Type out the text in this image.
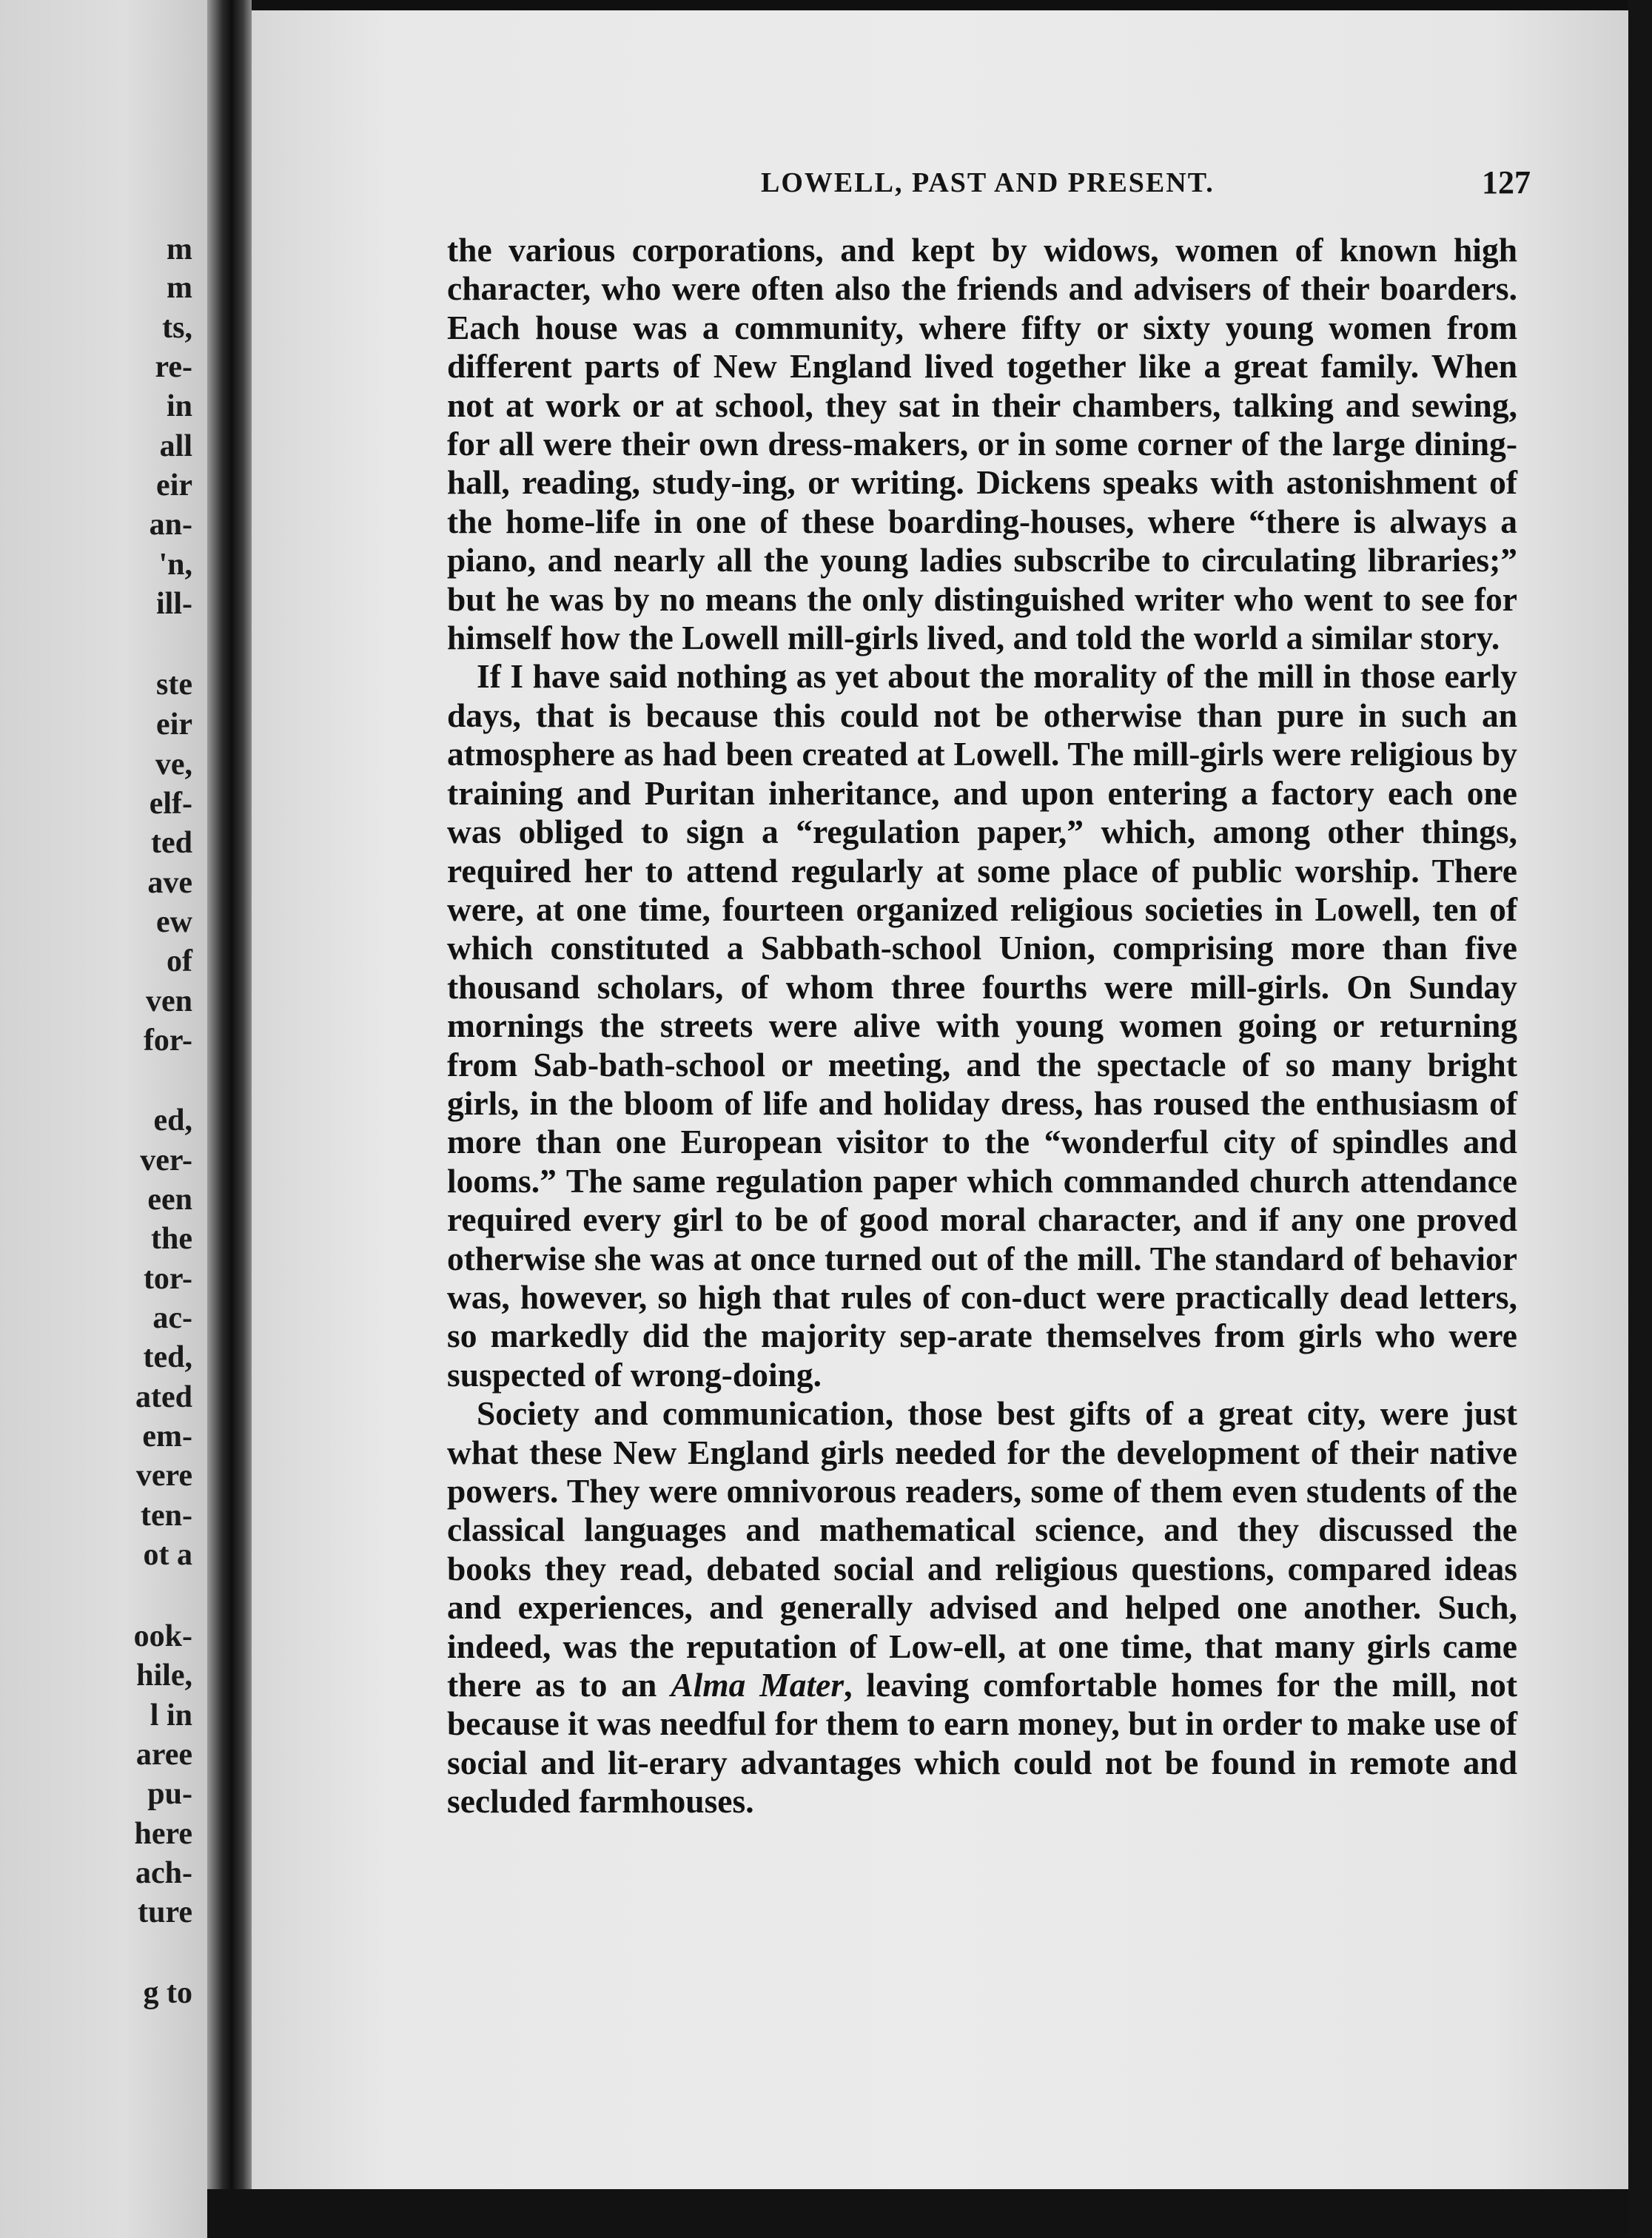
m
m
ts,
re-
in
all
eir
an-
'n,
ill-
ste
eir
ve,
elf-
ted
ave
ew
of
ven
for-
ed,
ver-
een
the
tor-
ac-
ted,
ated
em-
vere
ten-
ot a
ook-
hile,
l in
aree
pu-
here
ach-
ture
g to
LOWELL, PAST AND PRESENT.	127

the various corporations, and kept by widows, women of known high character, who were often also the friends and advisers of their boarders. Each house was a community, where fifty or sixty young women from different parts of New England lived together like a great family. When not at work or at school, they sat in their chambers, talking and sewing, for all were their own dress-makers, or in some corner of the large dining-hall, reading, study-ing, or writing. Dickens speaks with astonishment of the home-life in one of these boarding-houses, where “there is always a piano, and nearly all the young ladies subscribe to circulating libraries;” but he was by no means the only distinguished writer who went to see for himself how the Lowell mill-girls lived, and told the world a similar story.

If I have said nothing as yet about the morality of the mill in those early days, that is because this could not be otherwise than pure in such an atmosphere as had been created at Lowell. The mill-girls were religious by training and Puritan inheritance, and upon entering a factory each one was obliged to sign a “regulation paper,” which, among other things, required her to attend regularly at some place of public worship. There were, at one time, fourteen organized religious societies in Lowell, ten of which constituted a Sabbath-school Union, comprising more than five thousand scholars, of whom three fourths were mill-girls. On Sunday mornings the streets were alive with young women going or returning from Sab-bath-school or meeting, and the spectacle of so many bright girls, in the bloom of life and holiday dress, has roused the enthusiasm of more than one European visitor to the “wonderful city of spindles and looms.” The same regulation paper which commanded church attendance required every girl to be of good moral character, and if any one proved otherwise she was at once turned out of the mill. The standard of behavior was, however, so high that rules of con-duct were practically dead letters, so markedly did the majority sep-arate themselves from girls who were suspected of wrong-doing.

Society and communication, those best gifts of a great city, were just what these New England girls needed for the development of their native powers. They were omnivorous readers, some of them even students of the classical languages and mathematical science, and they discussed the books they read, debated social and religious questions, compared ideas and experiences, and generally advised and helped one another. Such, indeed, was the reputation of Low-ell, at one time, that many girls came there as to an Alma Mater, leaving comfortable homes for the mill, not because it was needful for them to earn money, but in order to make use of social and lit-erary advantages which could not be found in remote and secluded farmhouses.
